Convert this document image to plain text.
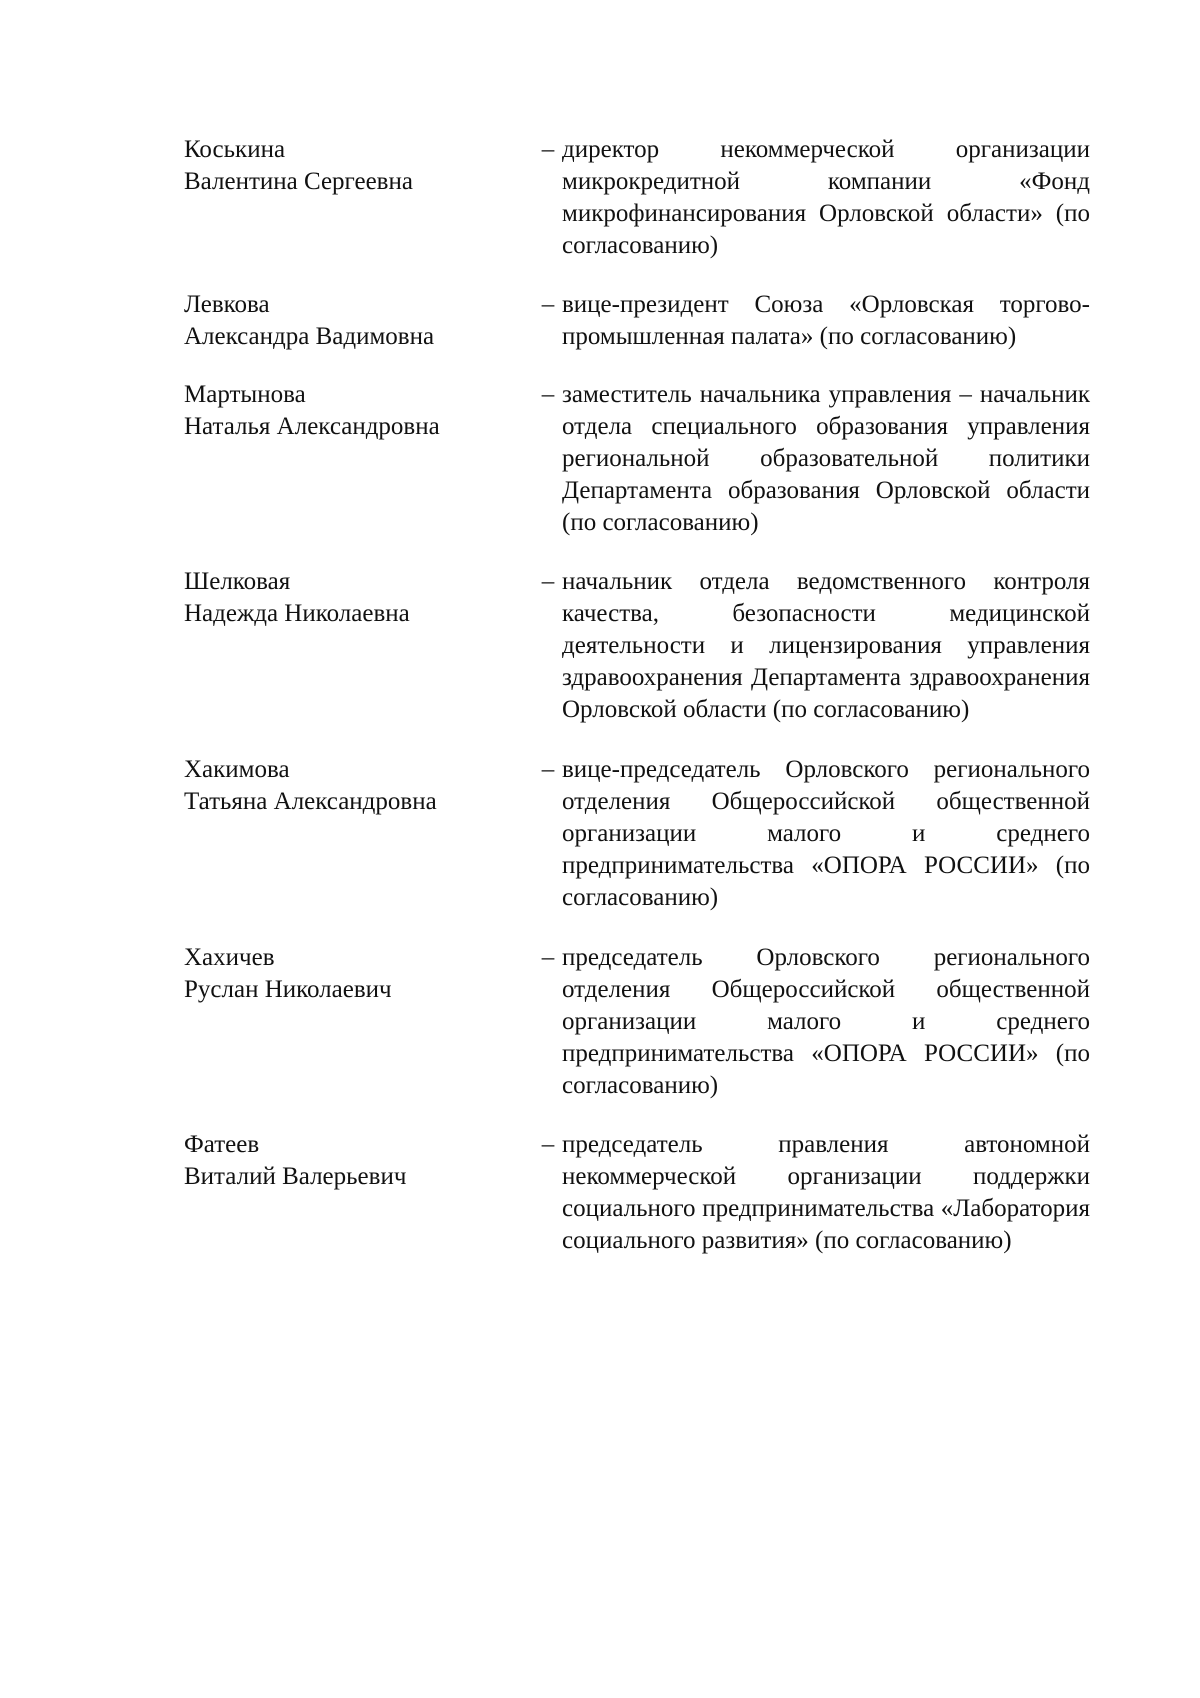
Коськина
Валентина Сергеевна
– директор некоммерческой организации микрокредитной компании «Фонд микрофинансирования Орловской области» (по согласованию)
Левкова
Александра Вадимовна
– вице-президент Союза «Орловская торгово-промышленная палата» (по согласованию)
Мартынова
Наталья Александровна
– заместитель начальника управления – начальник отдела специального образования управления региональной образовательной политики Департамента образования Орловской области (по согласованию)
Шелковая
Надежда Николаевна
– начальник отдела ведомственного контроля качества, безопасности медицинской деятельности и лицензирования управления здравоохранения Департамента здравоохранения Орловской области (по согласованию)
Хакимова
Татьяна Александровна
– вице-председатель Орловского регионального отделения Общероссийской общественной организации малого и среднего предпринимательства «ОПОРА РОССИИ» (по согласованию)
Хахичев
Руслан Николаевич
– председатель Орловского регионального отделения Общероссийской общественной организации малого и среднего предпринимательства «ОПОРА РОССИИ» (по согласованию)
Фатеев
Виталий Валерьевич
– председатель правления автономной некоммерческой организации поддержки социального предпринимательства «Лаборатория социального развития» (по согласованию)
